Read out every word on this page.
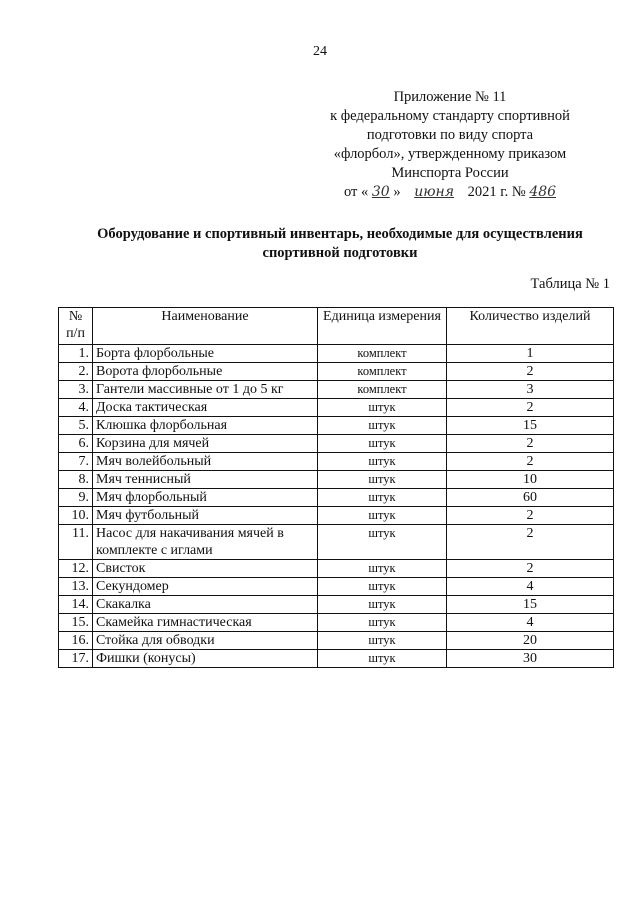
24
Приложение № 11
к федеральному стандарту спортивной
подготовки по виду спорта
«флорбол», утвержденному приказом
Минспорта России
от « 30 » июня 2021 г. № 486
Оборудование и спортивный инвентарь, необходимые для осуществления
спортивной подготовки
Таблица № 1
№ п/п	Наименование	Единица измерения	Количество изделий
1.	Борта флорбольные	комплект	1
2.	Ворота флорбольные	комплект	2
3.	Гантели массивные от 1 до 5 кг	комплект	3
4.	Доска тактическая	штук	2
5.	Клюшка флорбольная	штук	15
6.	Корзина для мячей	штук	2
7.	Мяч волейбольный	штук	2
8.	Мяч теннисный	штук	10
9.	Мяч флорбольный	штук	60
10.	Мяч футбольный	штук	2
11.	Насос для накачивания мячей в комплекте с иглами	штук	2
12.	Свисток	штук	2
13.	Секундомер	штук	4
14.	Скакалка	штук	15
15.	Скамейка гимнастическая	штук	4
16.	Стойка для обводки	штук	20
17.	Фишки (конусы)	штук	30
